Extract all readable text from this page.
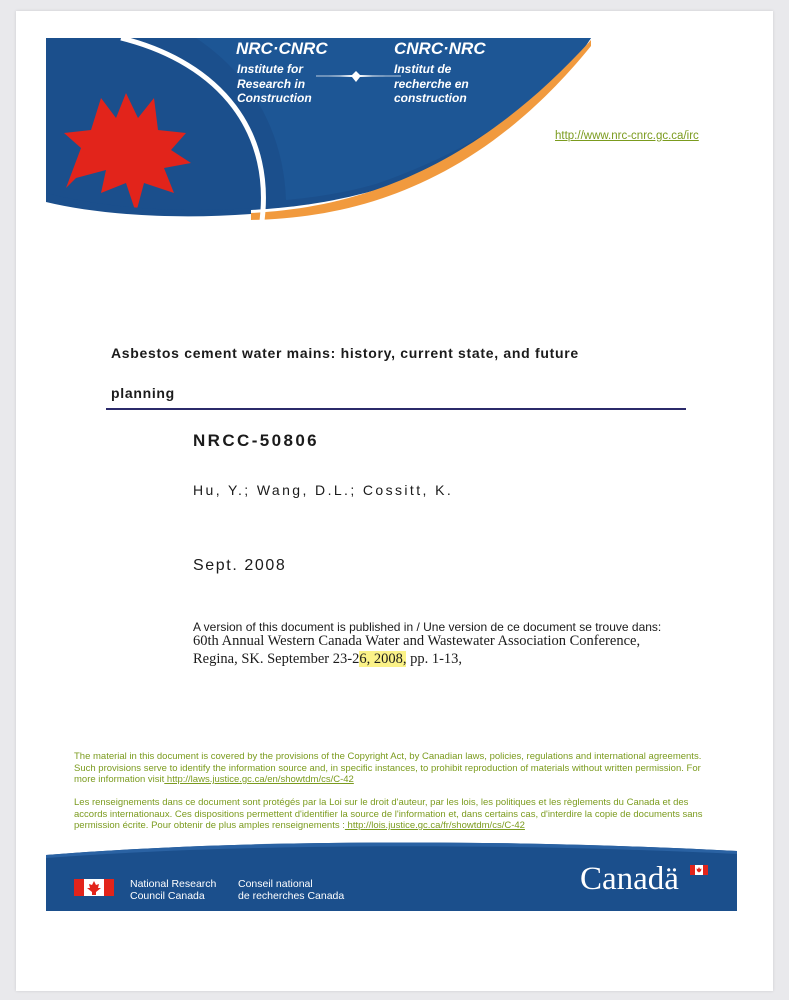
NRC·CNRC	CNRC·NRC
Institute for
Research in
Construction
Institut de
recherche en
construction
http://www.nrc-cnrc.gc.ca/irc
Asbestos cement water mains: history, current state, and future
planning
NRCC-50806
Hu, Y.; Wang, D.L.; Cossitt, K.
Sept. 2008
A version of this document is published in / Une version de ce document se trouve dans:
60th Annual Western Canada Water and Wastewater Association Conference,
Regina, SK. September 23-26, 2008, pp. 1-13,
The material in this document is covered by the provisions of the Copyright Act, by Canadian laws, policies, regulations and international agreements. Such provisions serve to identify the information source and, in specific instances, to prohibit reproduction of materials without written permission. For more information visit http://laws.justice.gc.ca/en/showtdm/cs/C-42
Les renseignements dans ce document sont protégés par la Loi sur le droit d'auteur, par les lois, les politiques et les règlements du Canada et des accords internationaux. Ces dispositions permettent d'identifier la source de l'information et, dans certains cas, d'interdire la copie de documents sans permission écrite. Pour obtenir de plus amples renseignements : http://lois.justice.gc.ca/fr/showtdm/cs/C-42
National Research
Council Canada
Conseil national
de recherches Canada	Canadä
